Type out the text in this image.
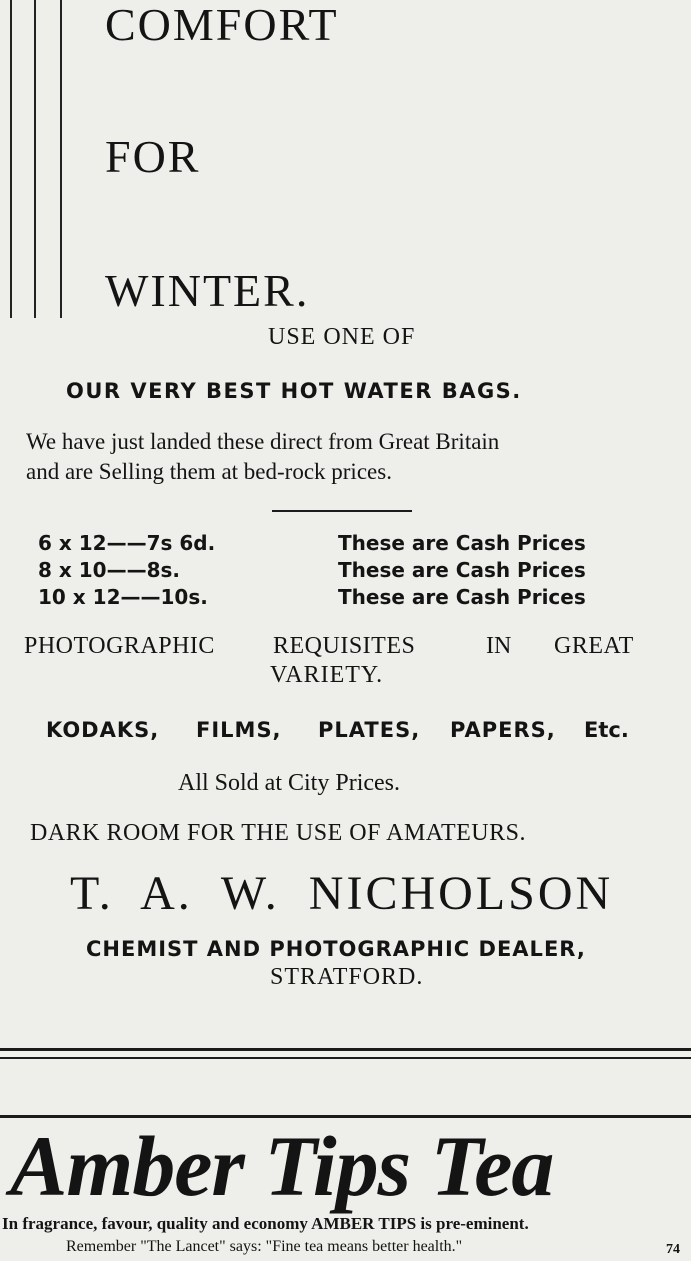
COMFORT
FOR
WINTER.
USE ONE OF
OUR VERY BEST HOT WATER BAGS.
We have just landed these direct from Great Britain
and are Selling them at bed-rock prices.
6 x 12——7s 6d.
8 x 10——8s.
10 x 12——10s.
These are Cash Prices
These are Cash Prices
These are Cash Prices
PHOTOGRAPHIC REQUISITES	IN GREAT
VARIETY.
KODAKS, FILMS, PLATES, PAPERS, Etc.
All Sold at City Prices.
DARK ROOM FOR THE USE OF AMATEURS.
T. A. W. NICHOLSON
CHEMIST AND PHOTOGRAPHIC DEALER,
STRATFORD.
Amber Tips Tea
In fragrance, favour, quality and economy AMBER TIPS is pre-eminent.
Remember "The Lancet" says: "Fine tea means better health."	74
